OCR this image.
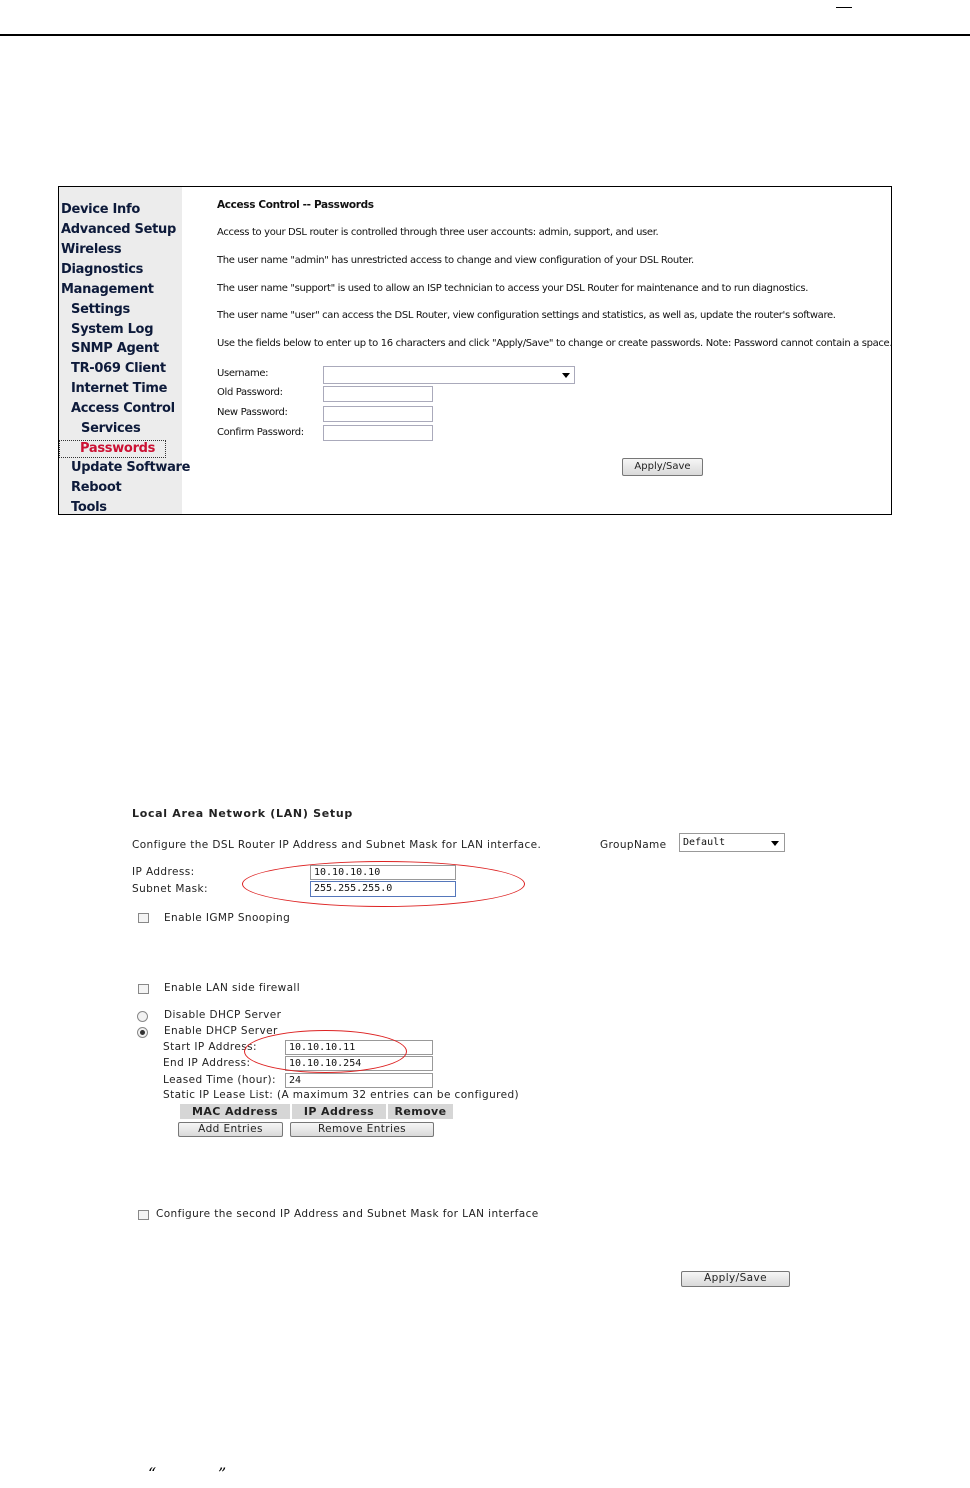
Device Info
Advanced Setup
Wireless
Diagnostics
Management
Settings
System Log
SNMP Agent
TR-069 Client
Internet Time
Access Control
Services
Passwords
Update Software
Reboot
Tools
Access Control -- Passwords
Access to your DSL router is controlled through three user accounts: admin, support, and user.
The user name "admin" has unrestricted access to change and view configuration of your DSL Router.
The user name "support" is used to allow an ISP technician to access your DSL Router for maintenance and to run diagnostics.
The user name "user" can access the DSL Router, view configuration settings and statistics, as well as, update the router's software.
Use the fields below to enter up to 16 characters and click "Apply/Save" to change or create passwords. Note: Password cannot contain a space.
Username:
Old Password:
New Password:
Confirm Password:
Apply/Save
Local Area Network (LAN) Setup
Configure the DSL Router IP Address and Subnet Mask for LAN interface.	GroupName	Default
IP Address:	10.10.10.10
Subnet Mask:	255.255.255.0
Enable IGMP Snooping
Enable LAN side firewall
Disable DHCP Server
Enable DHCP Server
Start IP Address:	10.10.10.11
End IP Address:	10.10.10.254
Leased Time (hour):	24
Static IP Lease List: (A maximum 32 entries can be configured)
MAC Address	IP Address	Remove
Add Entries	Remove Entries
Configure the second IP Address and Subnet Mask for LAN interface
Apply/Save
“	”
